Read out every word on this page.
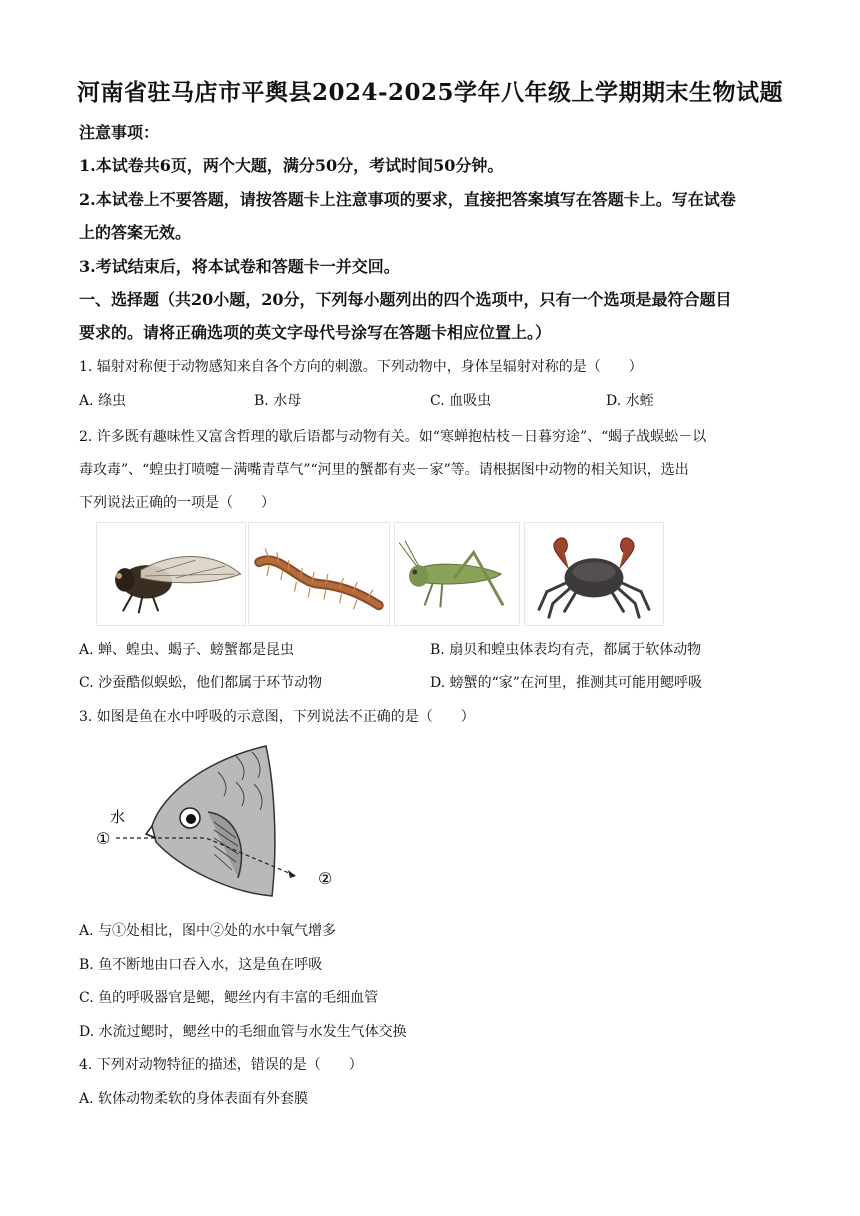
河南省驻马店市平舆县2024-2025学年八年级上学期期末生物试题
注意事项：
1.本试卷共6页，两个大题，满分50分，考试时间50分钟。
2.本试卷上不要答题，请按答题卡上注意事项的要求，直接把答案填写在答题卡上。写在试卷
上的答案无效。
3.考试结束后，将本试卷和答题卡一并交回。
一、选择题（共20小题，20分，下列每小题列出的四个选项中，只有一个选项是最符合题目
要求的。请将正确选项的英文字母代号涂写在答题卡相应位置上。）
1. 辐射对称便于动物感知来自各个方向的刺激。下列动物中，身体呈辐射对称的是（　　）
A. 绦虫	B. 水母	C. 血吸虫	D. 水蛭
2. 许多既有趣味性又富含哲理的歇后语都与动物有关。如“寒蝉抱枯枝－日暮穷途”、“蝎子战蜈蚣－以
毒攻毒”、“蝗虫打喷嚏－满嘴青草气”“河里的蟹都有夹－家”等。请根据图中动物的相关知识，选出
下列说法正确的一项是（　　）
A. 蝉、蝗虫、蝎子、螃蟹都是昆虫	B. 扇贝和蝗虫体表均有壳，都属于软体动物
C. 沙蚕酷似蜈蚣，他们都属于环节动物	D. 螃蟹的“家”在河里，推测其可能用鳃呼吸
3. 如图是鱼在水中呼吸的示意图，下列说法不正确的是（　　）
水
①
②
A. 与①处相比，图中②处的水中氧气增多
B. 鱼不断地由口吞入水，这是鱼在呼吸
C. 鱼的呼吸器官是鳃，鳃丝内有丰富的毛细血管
D. 水流过鳃时，鳃丝中的毛细血管与水发生气体交换
4. 下列对动物特征的描述，错误的是（　　）
A. 软体动物柔软的身体表面有外套膜
